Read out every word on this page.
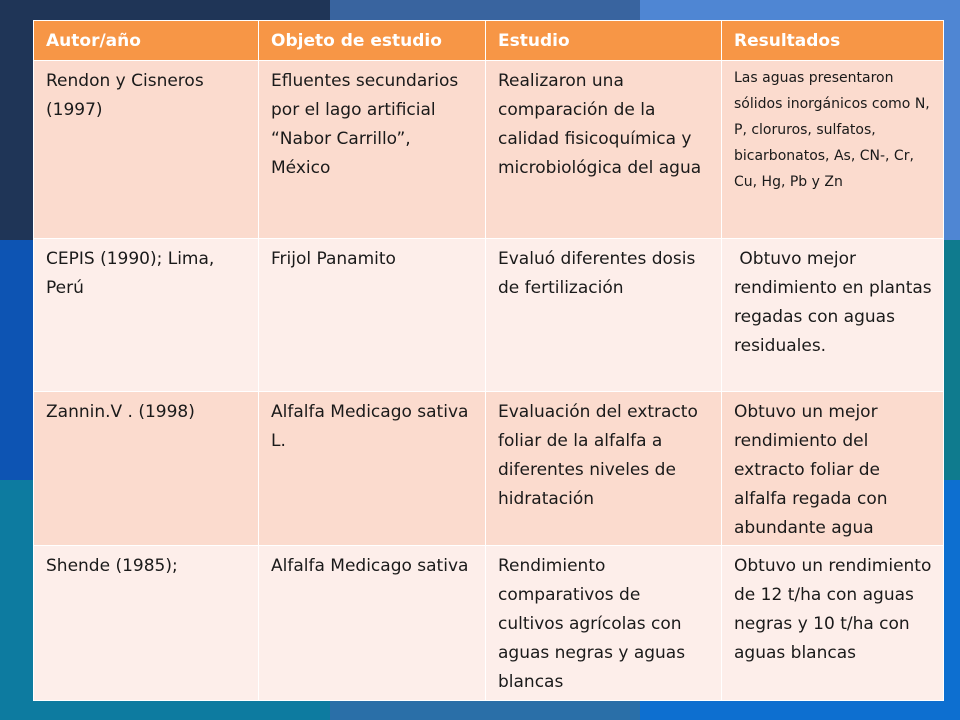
Autor/año	Objeto de estudio	Estudio	Resultados
Rendon y Cisneros (1997)	Efluentes secundarios por el lago artificial “Nabor Carrillo”, México	Realizaron una comparación de la calidad fisicoquímica y microbiológica del agua	Las aguas presentaron sólidos inorgánicos como N, P, cloruros, sulfatos, bicarbonatos, As, CN-, Cr, Cu, Hg, Pb y Zn
CEPIS (1990); Lima, Perú	Frijol Panamito	Evaluó diferentes dosis de fertilización	Obtuvo mejor rendimiento en plantas regadas con aguas residuales.
Zannin.V . (1998)	Alfalfa Medicago sativa L.	Evaluación del extracto foliar de la alfalfa a diferentes niveles de hidratación	Obtuvo un mejor rendimiento del extracto foliar de alfalfa regada con abundante agua
Shende (1985);	Alfalfa Medicago sativa	Rendimiento comparativos de cultivos agrícolas con aguas negras y aguas blancas	Obtuvo un rendimiento de 12 t/ha con aguas negras y 10 t/ha con aguas blancas
